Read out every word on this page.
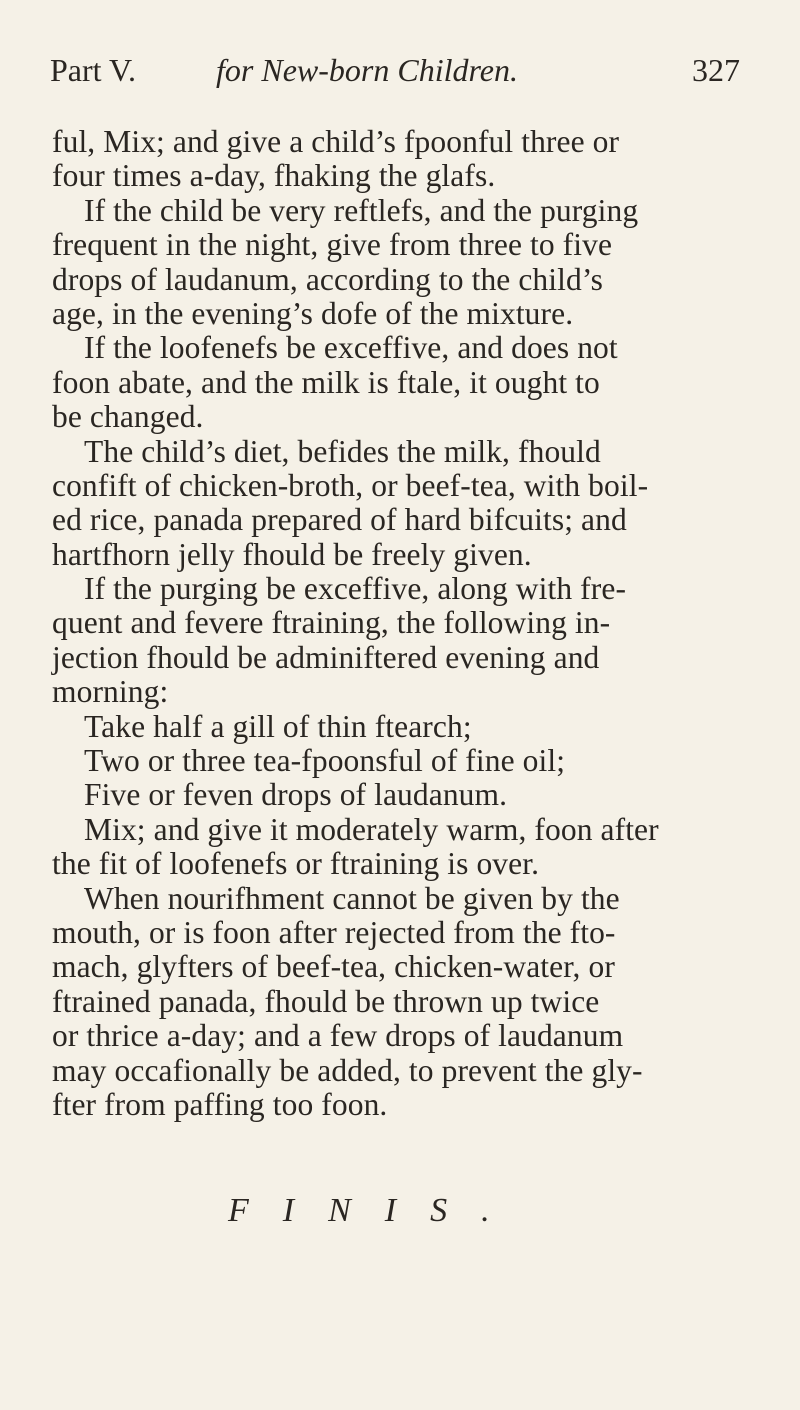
Part V.	for New-born Children.	327
ful, Mix; and give a child’s fpoonful three or
four times a-day, fhaking the glafs.
If the child be very reftlefs, and the purging
frequent in the night, give from three to five
drops of laudanum, according to the child’s
age, in the evening’s dofe of the mixture.
If the loofenefs be exceffive, and does not
foon abate, and the milk is ftale, it ought to
be changed.
The child’s diet, befides the milk, fhould
confift of chicken-broth, or beef-tea, with boil-
ed rice, panada prepared of hard bifcuits; and
hartfhorn jelly fhould be freely given.
If the purging be exceffive, along with fre-
quent and fevere ftraining, the following in-
jection fhould be adminiftered evening and
morning:
Take half a gill of thin ftearch;
Two or three tea-fpoonsful of fine oil;
Five or feven drops of laudanum.
Mix; and give it moderately warm, foon after
the fit of loofenefs or ftraining is over.
When nourifhment cannot be given by the
mouth, or is foon after rejected from the fto-
mach, glyfters of beef-tea, chicken-water, or
ftrained panada, fhould be thrown up twice
or thrice a-day; and a few drops of laudanum
may occafionally be added, to prevent the gly-
fter from paffing too foon.
FINIS.
